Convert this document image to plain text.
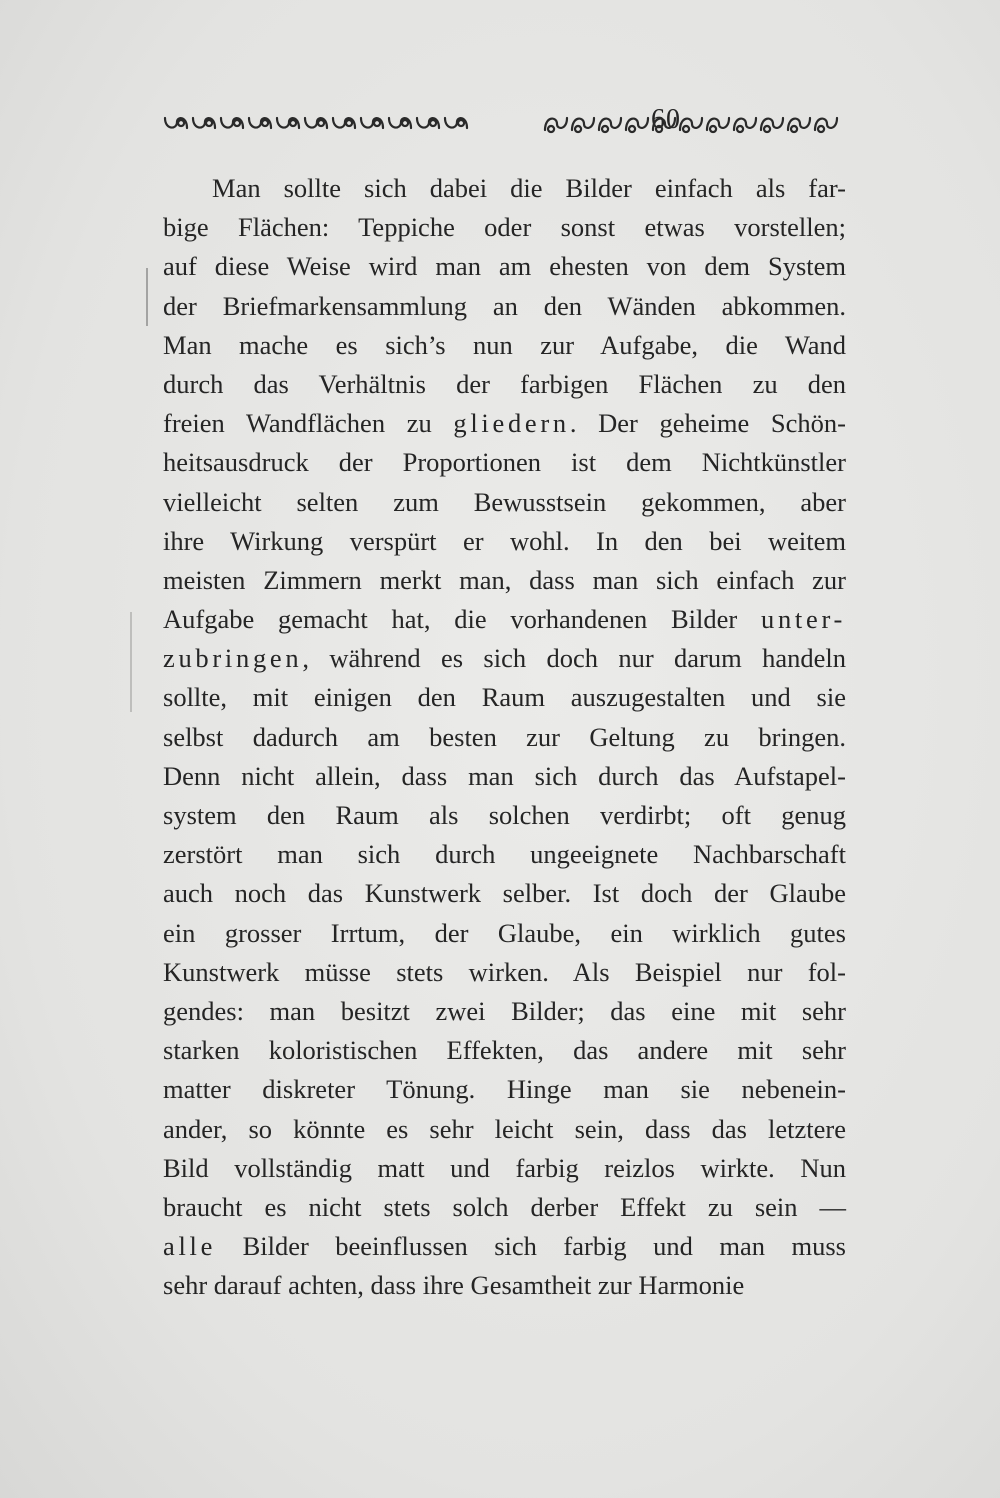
60
Man sollte sich dabei die Bilder einfach als far-
bige Flächen: Teppiche oder sonst etwas vorstellen;
auf diese Weise wird man am ehesten von dem System
der Briefmarkensammlung an den Wänden abkommen.
Man mache es sich’s nun zur Aufgabe, die Wand
durch das Verhältnis der farbigen Flächen zu den
freien Wandflächen zu gliedern. Der geheime Schön-
heitsausdruck der Proportionen ist dem Nichtkünstler
vielleicht selten zum Bewusstsein gekommen, aber
ihre Wirkung verspürt er wohl. In den bei weitem
meisten Zimmern merkt man, dass man sich einfach zur
Aufgabe gemacht hat, die vorhandenen Bilder unter-
zubringen, während es sich doch nur darum handeln
sollte, mit einigen den Raum auszugestalten und sie
selbst dadurch am besten zur Geltung zu bringen.
Denn nicht allein, dass man sich durch das Aufstapel-
system den Raum als solchen verdirbt; oft genug
zerstört man sich durch ungeeignete Nachbarschaft
auch noch das Kunstwerk selber. Ist doch der Glaube
ein grosser Irrtum, der Glaube, ein wirklich gutes
Kunstwerk müsse stets wirken. Als Beispiel nur fol-
gendes: man besitzt zwei Bilder; das eine mit sehr
starken koloristischen Effekten, das andere mit sehr
matter diskreter Tönung. Hinge man sie nebenein-
ander, so könnte es sehr leicht sein, dass das letztere
Bild vollständig matt und farbig reizlos wirkte. Nun
braucht es nicht stets solch derber Effekt zu sein —
alle Bilder beeinflussen sich farbig und man muss
sehr darauf achten, dass ihre Gesamtheit zur Harmonie
